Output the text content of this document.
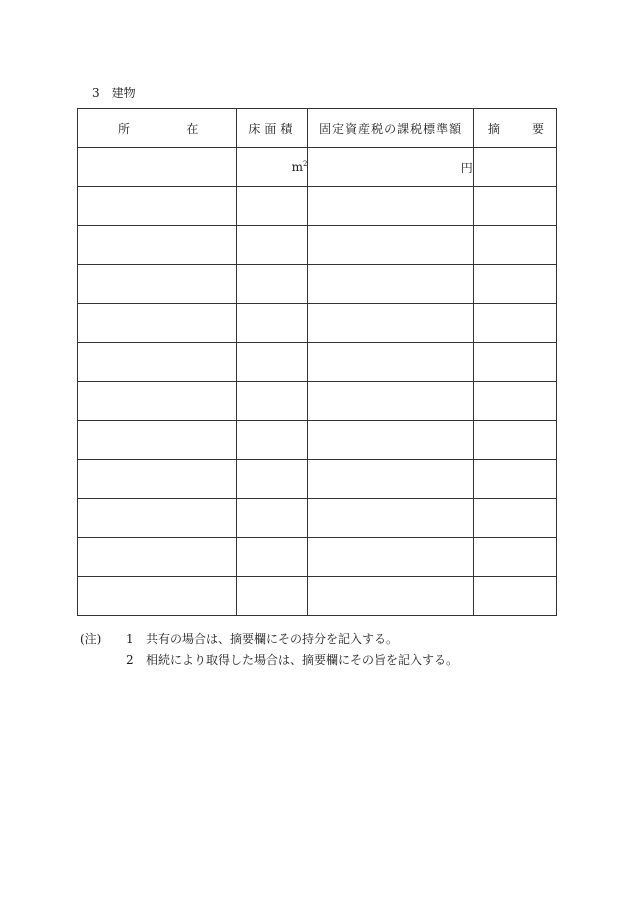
3 建物
所 在	床面積	固定資産税の課税標準額	摘 要

	$m^2$	円	

(注)	1	共有の場合は、摘要欄にその持分を記入する。
2	相続により取得した場合は、摘要欄にその旨を記入する。
